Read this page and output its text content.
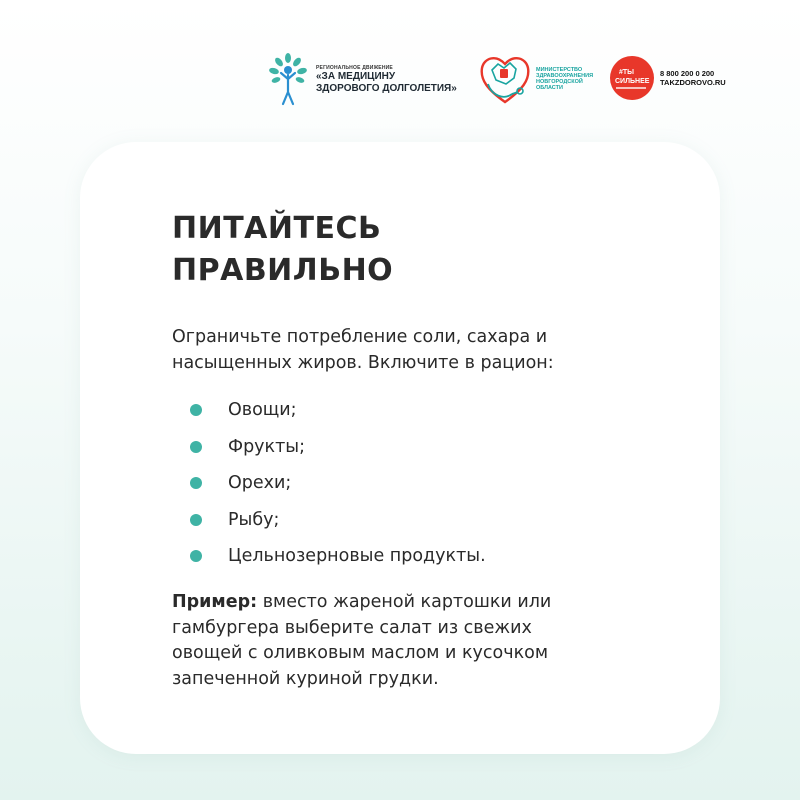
РЕГИОНАЛЬНОЕ ДВИЖЕНИЕ
«ЗА МЕДИЦИНУ
ЗДОРОВОГО ДОЛГОЛЕТИЯ»
МИНИСТЕРСТВО
ЗДРАВООХРАНЕНИЯ
НОВГОРОДСКОЙ
ОБЛАСТИ
#ТЫ
СИЛЬНЕЕ
8 800 200 0 200
TAKZDOROVO.RU
ПИТАЙТЕСЬ
ПРАВИЛЬНО

Ограничьте потребление соли, сахара и
насыщенных жиров. Включите в рацион:

Овощи;
Фрукты;
Орехи;
Рыбу;
Цельнозерновые продукты.

Пример: вместо жареной картошки или
гамбургера выберите салат из свежих
овощей с оливковым маслом и кусочком
запеченной куриной грудки.
